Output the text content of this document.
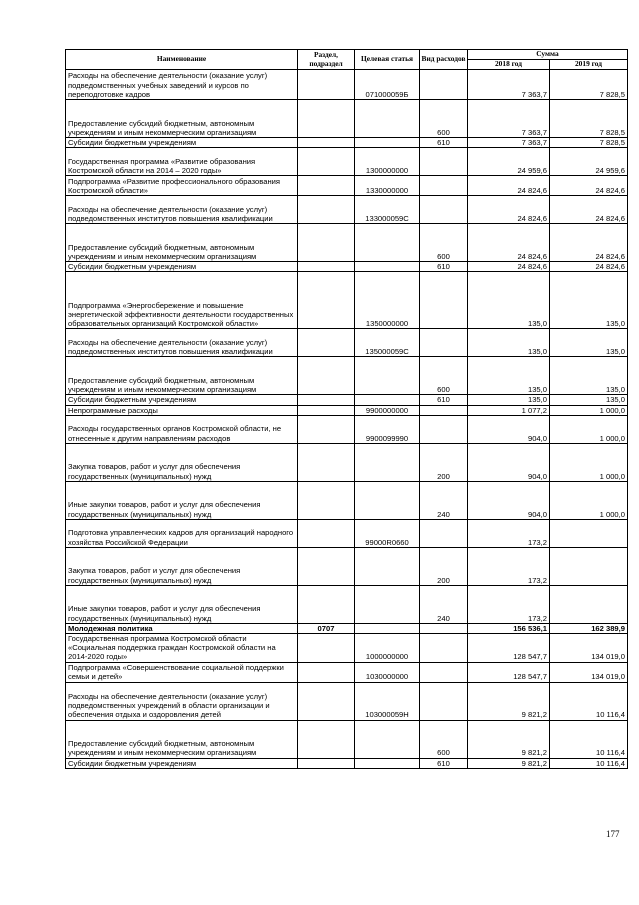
Наименование	Раздел, подраздел	Целевая статья	Вид расходов	Сумма	
				2018 год	2019 год
Расходы на обеспечение деятельности (оказание услуг) подведомственных учебных заведений и курсов по переподготовке кадров		071000059Б		7 363,7	7 828,5
Предоставление субсидий бюджетным, автономным учреждениям и иным некоммерческим организациям			600	7 363,7	7 828,5
Субсидии бюджетным учреждениям			610	7 363,7	7 828,5
Государственная программа «Развитие образования Костромской области на 2014 – 2020 годы»		1300000000		24 959,6	24 959,6
Подпрограмма «Развитие профессионального образования Костромской области»		1330000000		24 824,6	24 824,6
Расходы на обеспечение деятельности (оказание услуг) подведомственных институтов повышения квалификации		133000059С		24 824,6	24 824,6
Предоставление субсидий бюджетным, автономным учреждениям и иным некоммерческим организациям			600	24 824,6	24 824,6
Субсидии бюджетным учреждениям			610	24 824,6	24 824,6
Подпрограмма «Энергосбережение и повышение энергетической эффективности деятельности государственных образовательных организаций Костромской области»		1350000000		135,0	135,0
Расходы на обеспечение деятельности (оказание услуг) подведомственных институтов повышения квалификации		135000059С		135,0	135,0
Предоставление субсидий бюджетным, автономным учреждениям и иным некоммерческим организациям			600	135,0	135,0
Субсидии бюджетным учреждениям			610	135,0	135,0
Непрограммные расходы		9900000000		1 077,2	1 000,0
Расходы государственных органов Костромской области, не отнесенные к другим направлениям расходов		9900099990		904,0	1 000,0
Закупка товаров, работ и услуг для обеспечения государственных (муниципальных) нужд			200	904,0	1 000,0
Иные закупки товаров, работ и услуг для обеспечения государственных (муниципальных) нужд			240	904,0	1 000,0
Подготовка управленческих кадров для организаций народного хозяйства Российской Федерации		99000R0660		173,2	
Закупка товаров, работ и услуг для обеспечения государственных (муниципальных) нужд			200	173,2	
Иные закупки товаров, работ и услуг для обеспечения государственных (муниципальных) нужд			240	173,2	
Молодежная политика	0707			156 536,1	162 389,9
Государственная программа Костромской области «Социальная поддержка граждан Костромской области на 2014-2020 годы»		1000000000		128 547,7	134 019,0
Подпрограмма «Совершенствование социальной поддержки семьи и детей»		1030000000		128 547,7	134 019,0
Расходы на обеспечение деятельности (оказание услуг) подведомственных учреждений в области организации и обеспечения отдыха и оздоровления детей		103000059Н		9 821,2	10 116,4
Предоставление субсидий бюджетным, автономным учреждениям и иным некоммерческим организациям			600	9 821,2	10 116,4
Субсидии бюджетным учреждениям			610	9 821,2	10 116,4
177
